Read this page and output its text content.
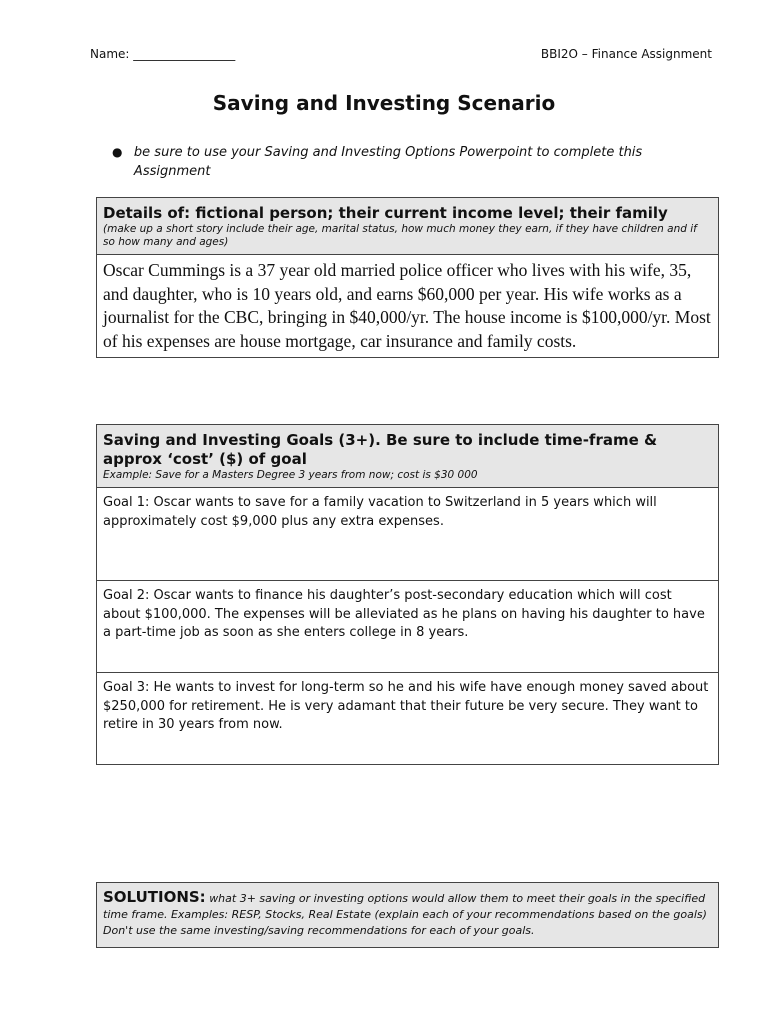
Name: _________________	BBI2O – Finance Assignment
Saving and Investing Scenario
● be sure to use your Saving and Investing Options Powerpoint to complete this Assignment
Details of: fictional person; their current income level; their family
(make up a short story include their age, marital status, how much money they earn, if they have children and if so how many and ages)
Oscar Cummings is a 37 year old married police officer who lives with his wife, 35, and daughter, who is 10 years old, and earns $60,000 per year. His wife works as a journalist for the CBC, bringing in $40,000/yr. The house income is $100,000/yr. Most of his expenses are house mortgage, car insurance and family costs.
Saving and Investing Goals (3+). Be sure to include time-frame & approx ‘cost’ ($) of goal
Example: Save for a Masters Degree 3 years from now; cost is $30 000
Goal 1: Oscar wants to save for a family vacation to Switzerland in 5 years which will approximately cost $9,000 plus any extra expenses.
Goal 2: Oscar wants to finance his daughter’s post-secondary education which will cost about $100,000. The expenses will be alleviated as he plans on having his daughter to have a part-time job as soon as she enters college in 8 years.
Goal 3: He wants to invest for long-term so he and his wife have enough money saved about $250,000 for retirement. He is very adamant that their future be very secure. They want to retire in 30 years from now.
SOLUTIONS: what 3+ saving or investing options would allow them to meet their goals in the specified time frame. Examples: RESP, Stocks, Real Estate (explain each of your recommendations based on the goals) Don't use the same investing/saving recommendations for each of your goals.
